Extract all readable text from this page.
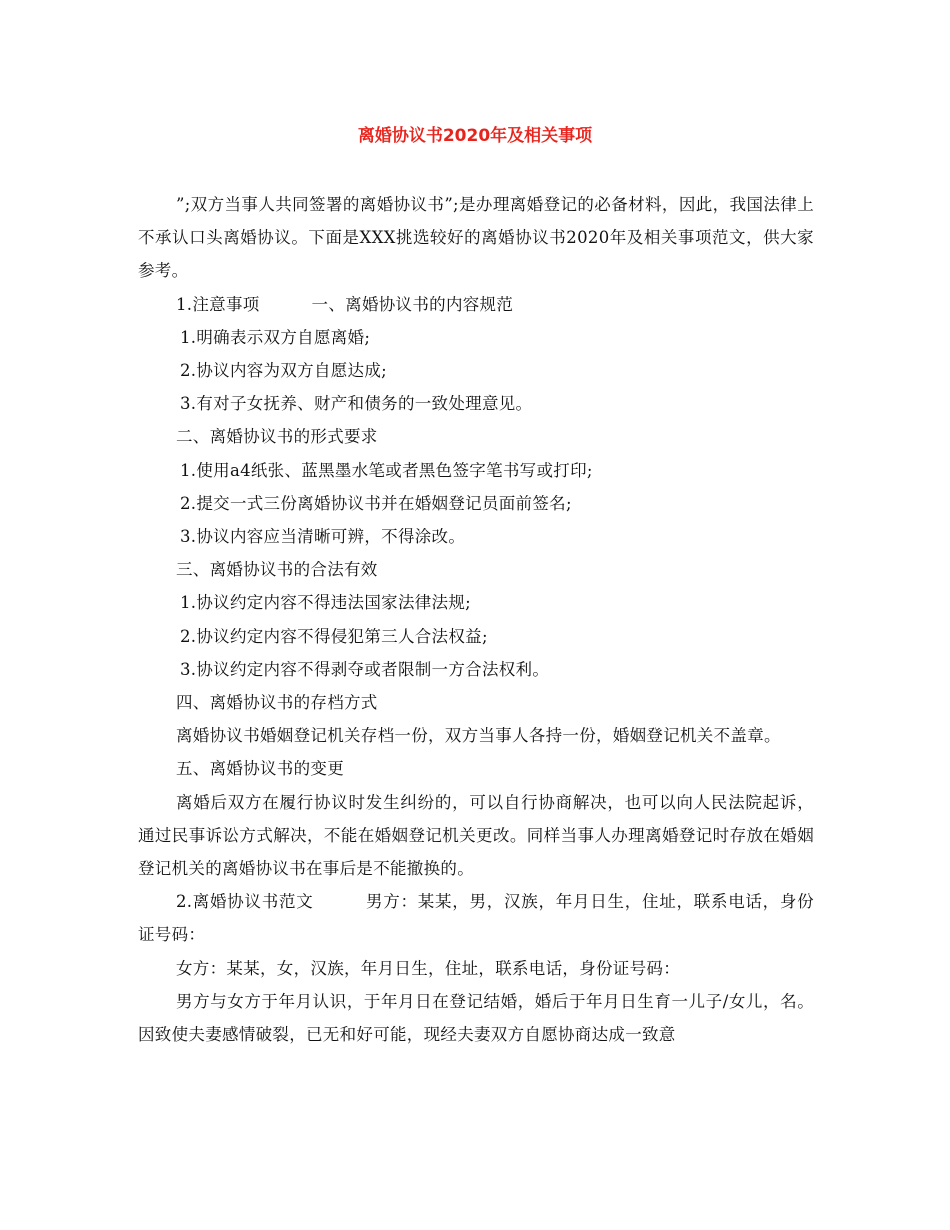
离婚协议书2020年及相关事项

”;双方当事人共同签署的离婚协议书”;是办理离婚登记的必备材料，因此，我国法律上不承认口头离婚协议。下面是XXX挑选较好的离婚协议书2020年及相关事项范文，供大家参考。

1.注意事项	一、离婚协议书的内容规范

1.明确表示双方自愿离婚;

2.协议内容为双方自愿达成;

3.有对子女抚养、财产和债务的一致处理意见。

二、离婚协议书的形式要求

1.使用a4纸张、蓝黑墨水笔或者黑色签字笔书写或打印;

2.提交一式三份离婚协议书并在婚姻登记员面前签名;

3.协议内容应当清晰可辨，不得涂改。

三、离婚协议书的合法有效

1.协议约定内容不得违法国家法律法规;

2.协议约定内容不得侵犯第三人合法权益;

3.协议约定内容不得剥夺或者限制一方合法权利。

四、离婚协议书的存档方式

离婚协议书婚姻登记机关存档一份，双方当事人各持一份，婚姻登记机关不盖章。

五、离婚协议书的变更

离婚后双方在履行协议时发生纠纷的，可以自行协商解决，也可以向人民法院起诉，通过民事诉讼方式解决，不能在婚姻登记机关更改。同样当事人办理离婚登记时存放在婚姻登记机关的离婚协议书在事后是不能撤换的。

2.离婚协议书范文	男方：某某，男，汉族，年月日生，住址，联系电话，身份证号码：

女方：某某，女，汉族，年月日生，住址，联系电话，身份证号码：

男方与女方于年月认识，于年月日在登记结婚，婚后于年月日生育一儿子/女儿，名。因致使夫妻感情破裂，已无和好可能，现经夫妻双方自愿协商达成一致意
